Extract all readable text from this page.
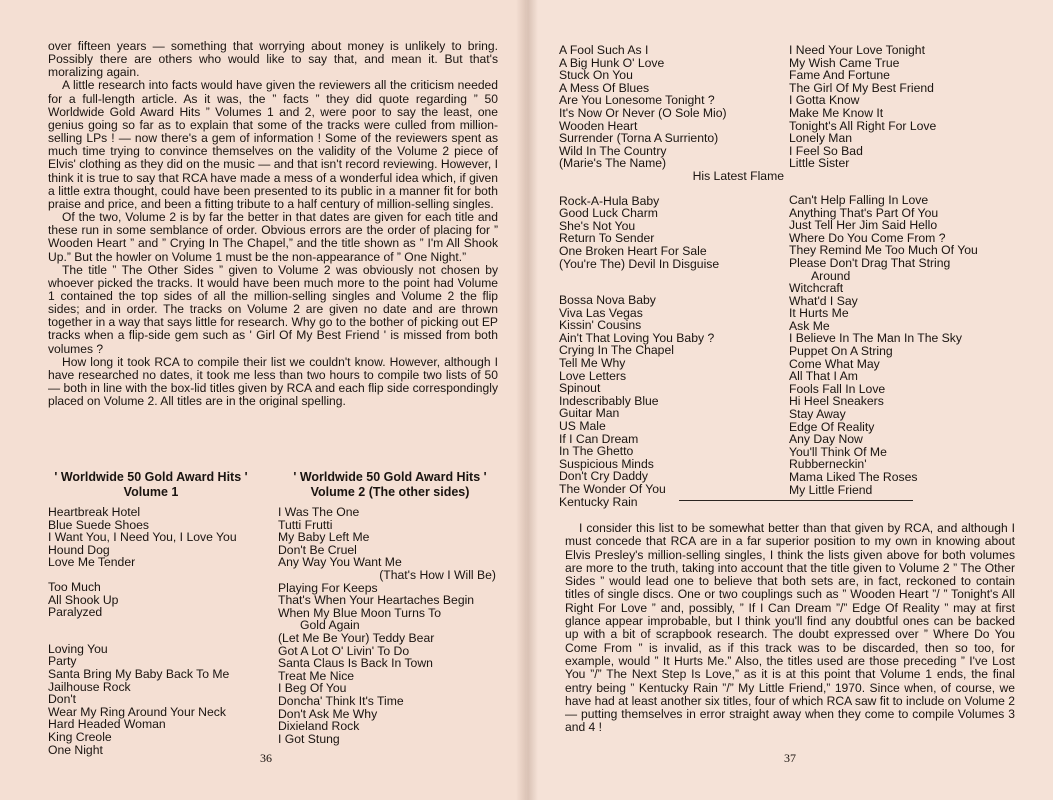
over fifteen years — something that worrying about money is unlikely to bring. Possibly there are others who would like to say that, and mean it. But that's moralizing again.

A little research into facts would have given the reviewers all the criticism needed for a full-length article. As it was, the ” facts ” they did quote regarding ” 50 Worldwide Gold Award Hits ” Volumes 1 and 2, were poor to say the least, one genius going so far as to explain that some of the tracks were culled from million-selling LPs ! — now there's a gem of information ! Some of the reviewers spent as much time trying to convince themselves on the validity of the Volume 2 piece of Elvis' clothing as they did on the music — and that isn't record reviewing. However, I think it is true to say that RCA have made a mess of a wonderful idea which, if given a little extra thought, could have been presented to its public in a manner fit for both praise and price, and been a fitting tribute to a half century of million-selling singles.

Of the two, Volume 2 is by far the better in that dates are given for each title and these run in some semblance of order. Obvious errors are the order of placing for ” Wooden Heart ” and ” Crying In The Chapel,” and the title shown as ” I'm All Shook Up.” But the howler on Volume 1 must be the non-appearance of ” One Night.”

The title ” The Other Sides ” given to Volume 2 was obviously not chosen by whoever picked the tracks. It would have been much more to the point had Volume 1 contained the top sides of all the million-selling singles and Volume 2 the flip sides; and in order. The tracks on Volume 2 are given no date and are thrown together in a way that says little for research. Why go to the bother of picking out EP tracks when a flip-side gem such as ' Girl Of My Best Friend ' is missed from both volumes ?

How long it took RCA to compile their list we couldn't know. However, although I have researched no dates, it took me less than two hours to compile two lists of 50 — both in line with the box-lid titles given by RCA and each flip side correspondingly placed on Volume 2. All titles are in the original spelling.

' Worldwide 50 Gold Award Hits '
Volume 1
' Worldwide 50 Gold Award Hits '
Volume 2 (The other sides)
Heartbreak Hotel
Blue Suede Shoes
I Want You, I Need You, I Love You
Hound Dog
Love Me Tender
Too Much
All Shook Up
Paralyzed
Loving You
Party
Santa Bring My Baby Back To Me
Jailhouse Rock
Don't
Wear My Ring Around Your Neck
Hard Headed Woman
King Creole
One Night
I Was The One
Tutti Frutti
My Baby Left Me
Don't Be Cruel
Any Way You Want Me
(That's How I Will Be)
Playing For Keeps
That's When Your Heartaches Begin
When My Blue Moon Turns To
Gold Again
(Let Me Be Your) Teddy Bear
Got A Lot O' Livin' To Do
Santa Claus Is Back In Town
Treat Me Nice
I Beg Of You
Doncha' Think It's Time
Don't Ask Me Why
Dixieland Rock
I Got Stung
36
A Fool Such As I
A Big Hunk O' Love
Stuck On You
A Mess Of Blues
Are You Lonesome Tonight ?
It's Now Or Never (O Sole Mio)
Wooden Heart
Surrender (Torna A Surriento)
Wild In The Country
(Marie's The Name)
His Latest Flame
Rock-A-Hula Baby
Good Luck Charm
She's Not You
Return To Sender
One Broken Heart For Sale
(You're The) Devil In Disguise
Bossa Nova Baby
Viva Las Vegas
Kissin' Cousins
Ain't That Loving You Baby ?
Crying In The Chapel
Tell Me Why
Love Letters
Spinout
Indescribably Blue
Guitar Man
US Male
If I Can Dream
In The Ghetto
Suspicious Minds
Don't Cry Daddy
The Wonder Of You
Kentucky Rain
I Need Your Love Tonight
My Wish Came True
Fame And Fortune
The Girl Of My Best Friend
I Gotta Know
Make Me Know It
Tonight's All Right For Love
Lonely Man
I Feel So Bad
Little Sister
Can't Help Falling In Love
Anything That's Part Of You
Just Tell Her Jim Said Hello
Where Do You Come From ?
They Remind Me Too Much Of You
Please Don't Drag That String
Around
Witchcraft
What'd I Say
It Hurts Me
Ask Me
I Believe In The Man In The Sky
Puppet On A String
Come What May
All That I Am
Fools Fall In Love
Hi Heel Sneakers
Stay Away
Edge Of Reality
Any Day Now
You'll Think Of Me
Rubberneckin'
Mama Liked The Roses
My Little Friend
I consider this list to be somewhat better than that given by RCA, and although I must concede that RCA are in a far superior position to my own in knowing about Elvis Presley's million-selling singles, I think the lists given above for both volumes are more to the truth, taking into account that the title given to Volume 2 ” The Other Sides ” would lead one to believe that both sets are, in fact, reckoned to contain titles of single discs. One or two couplings such as ” Wooden Heart ”/ ” Tonight's All Right For Love ” and, possibly, ” If I Can Dream ”/” Edge Of Reality ” may at first glance appear improbable, but I think you'll find any doubtful ones can be backed up with a bit of scrapbook research. The doubt expressed over ” Where Do You Come From ” is invalid, as if this track was to be discarded, then so too, for example, would ” It Hurts Me.” Also, the titles used are those preceding ” I've Lost You ”/” The Next Step Is Love,” as it is at this point that Volume 1 ends, the final entry being ” Kentucky Rain ”/” My Little Friend,” 1970. Since when, of course, we have had at least another six titles, four of which RCA saw fit to include on Volume 2 — putting themselves in error straight away when they come to compile Volumes 3 and 4 !
37
